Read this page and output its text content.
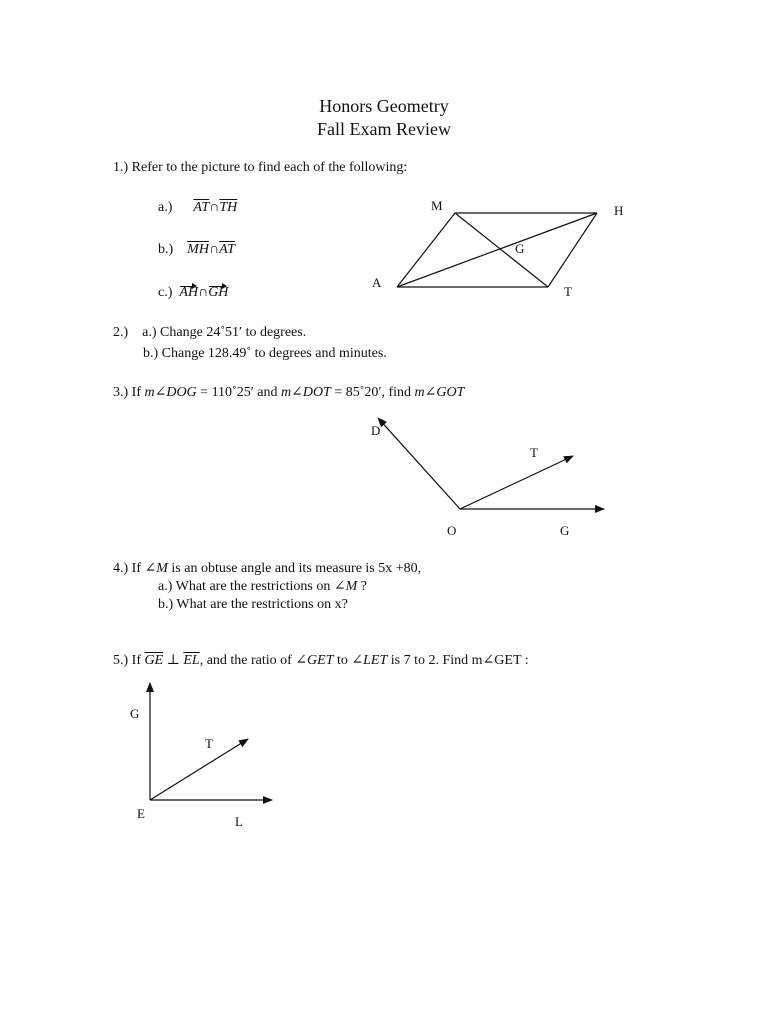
Honors Geometry
Fall Exam Review
1.) Refer to the picture to find each of the following:
a.) $\overline{AT}\cap\overline{TH}$
b.) $\overline{MH}\cap\overline{AT}$
c.) AH∩GH
M	H
G
A
T
2.) a.) Change 24˚51′ to degrees.
b.) Change 128.49˚ to degrees and minutes.
3.) If m∠DOG = 110˚25′ and m∠DOT = 85˚20′, find m∠GOT
D
T
O	G
4.) If ∠M is an obtuse angle and its measure is 5x +80,
a.) What are the restrictions on ∠M ?
b.) What are the restrictions on x?
5.) If $\overline{GE}$ ⊥ $\overline{EL}$, and the ratio of ∠GET to ∠LET is 7 to 2. Find m∠GET :
G
T
E
L
